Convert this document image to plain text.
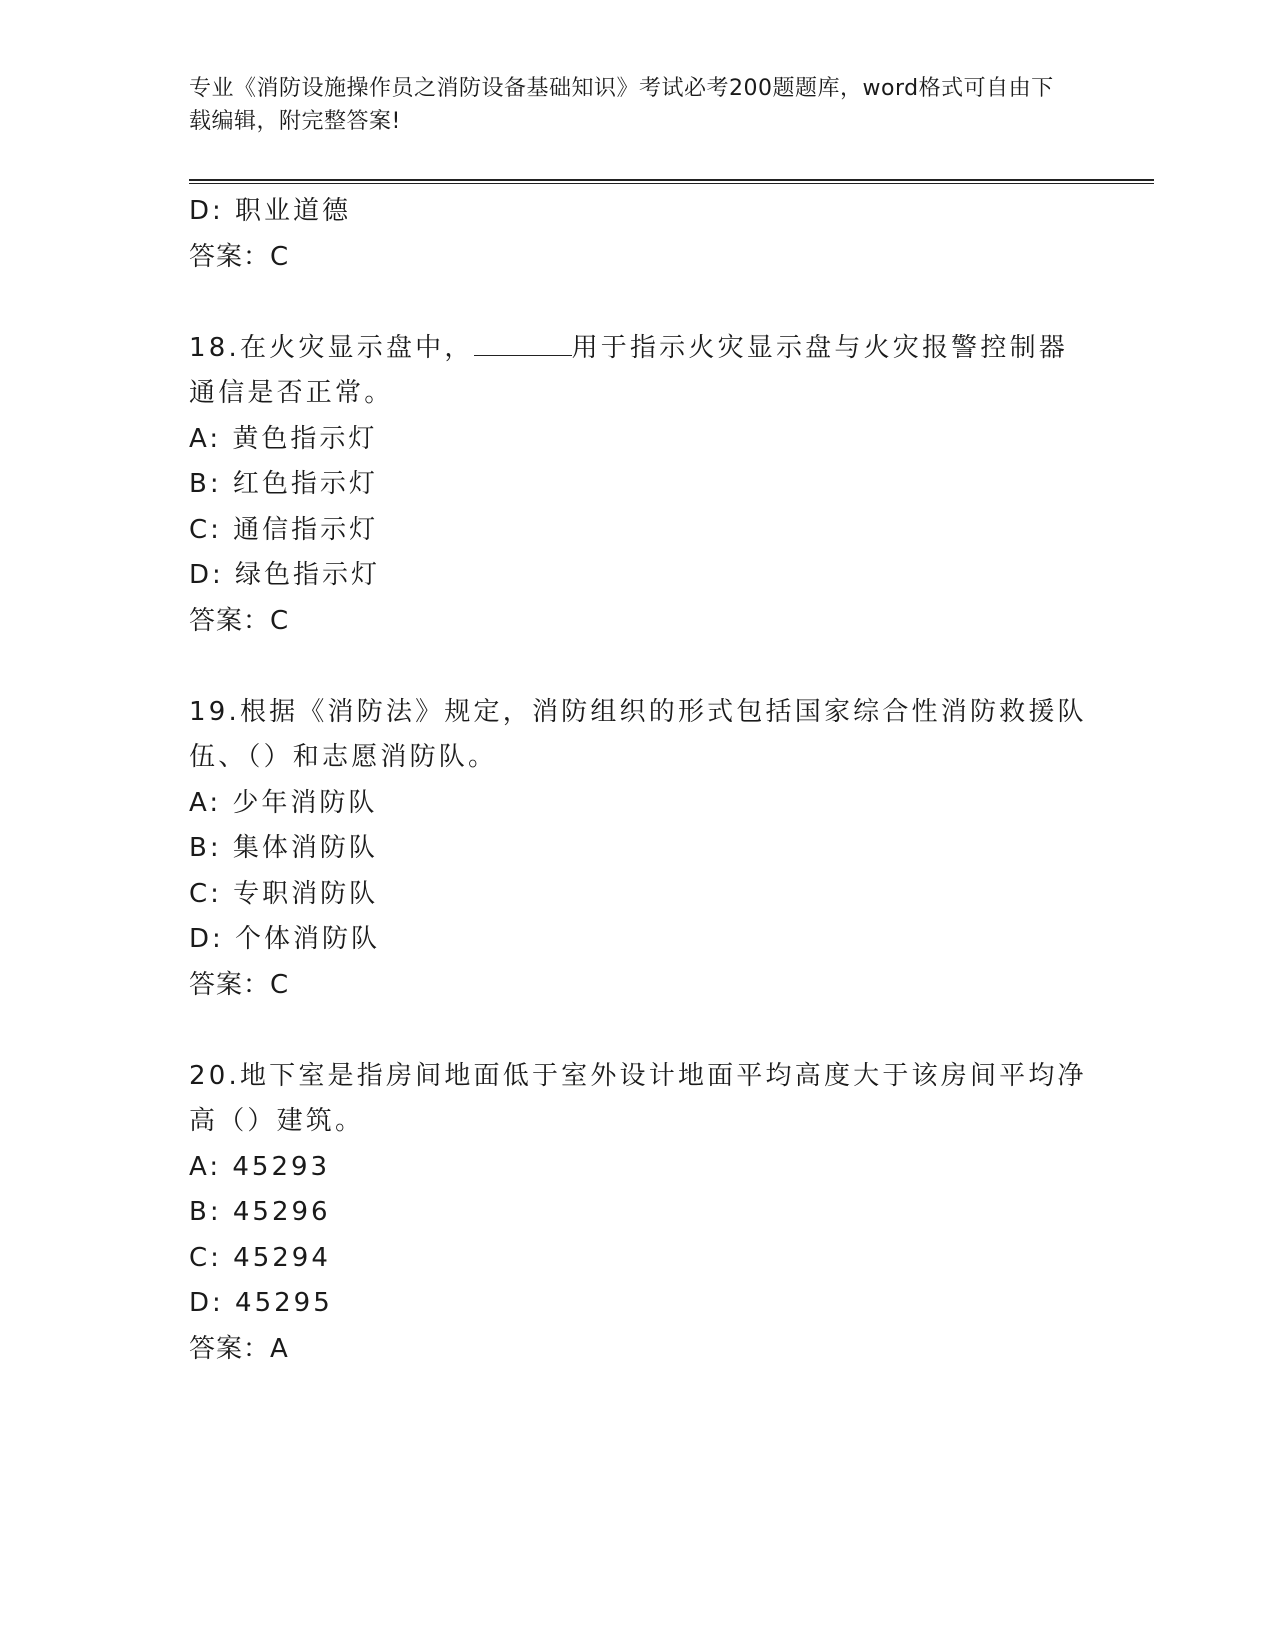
专业《消防设施操作员之消防设备基础知识》考试必考200题题库，word格式可自由下载编辑，附完整答案!
D: 职业道德
答案：C
18.在火灾显示盘中，	用于指示火灾显示盘与火灾报警控制器通信是否正常。
A: 黄色指示灯
B: 红色指示灯
C: 通信指示灯
D: 绿色指示灯
答案：C
19.根据《消防法》规定，消防组织的形式包括国家综合性消防救援队伍、（）和志愿消防队。
A: 少年消防队
B: 集体消防队
C: 专职消防队
D: 个体消防队
答案：C
20.地下室是指房间地面低于室外设计地面平均高度大于该房间平均净高（）建筑。
A: 45293
B: 45296
C: 45294
D: 45295
答案：A
